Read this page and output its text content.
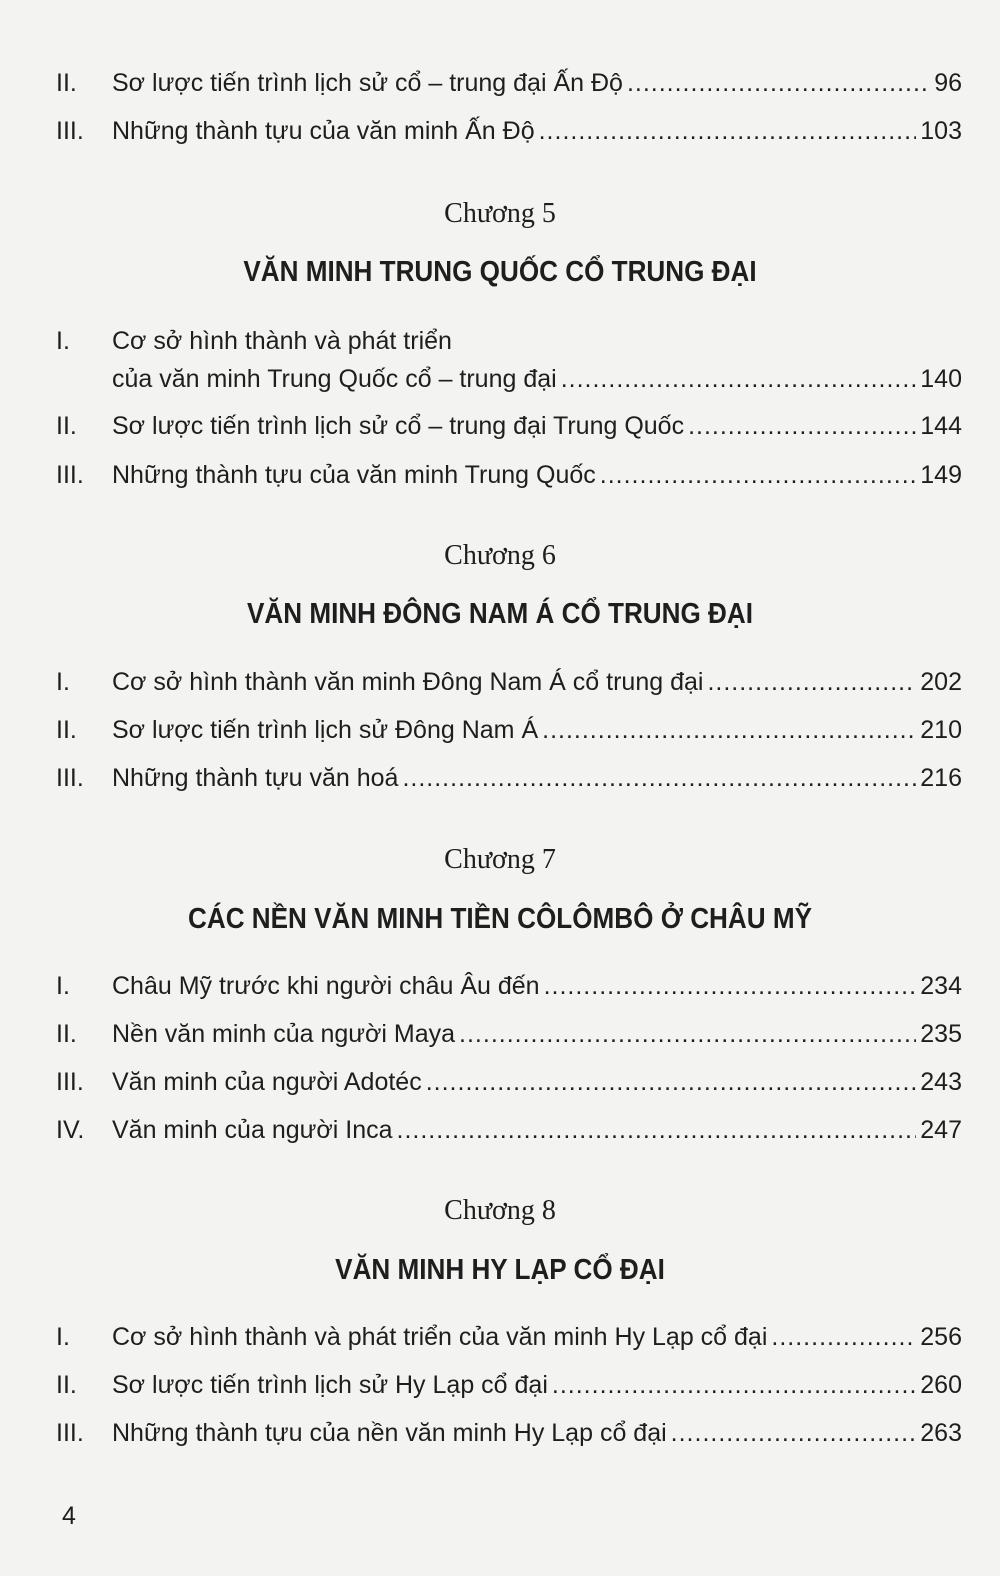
II. Sơ lược tiến trình lịch sử cổ – trung đại Ấn Độ .....	96
III. Những thành tựu của văn minh Ấn Độ .....	103
Chương 5
VĂN MINH TRUNG QUỐC CỔ TRUNG ĐẠI
I. Cơ sở hình thành và phát triển
của văn minh Trung Quốc cổ – trung đại .....	140
II. Sơ lược tiến trình lịch sử cổ – trung đại Trung Quốc .....	144
III. Những thành tựu của văn minh Trung Quốc .....	149
Chương 6
VĂN MINH ĐÔNG NAM Á CỔ TRUNG ĐẠI
I. Cơ sở hình thành văn minh Đông Nam Á cổ trung đại .....	202
II. Sơ lược tiến trình lịch sử Đông Nam Á .....	210
III. Những thành tựu văn hoá .....	216
Chương 7
CÁC NỀN VĂN MINH TIỀN CÔLÔMBÔ Ở CHÂU MỸ
I. Châu Mỹ trước khi người châu Âu đến .....	234
II. Nền văn minh của người Maya .....	235
III. Văn minh của người Adotéc .....	243
IV. Văn minh của người Inca .....	247
Chương 8
VĂN MINH HY LẠP CỔ ĐẠI
I. Cơ sở hình thành và phát triển của văn minh Hy Lạp cổ đại .....	256
II. Sơ lược tiến trình lịch sử Hy Lạp cổ đại .....	260
III. Những thành tựu của nền văn minh Hy Lạp cổ đại .....	263
4
